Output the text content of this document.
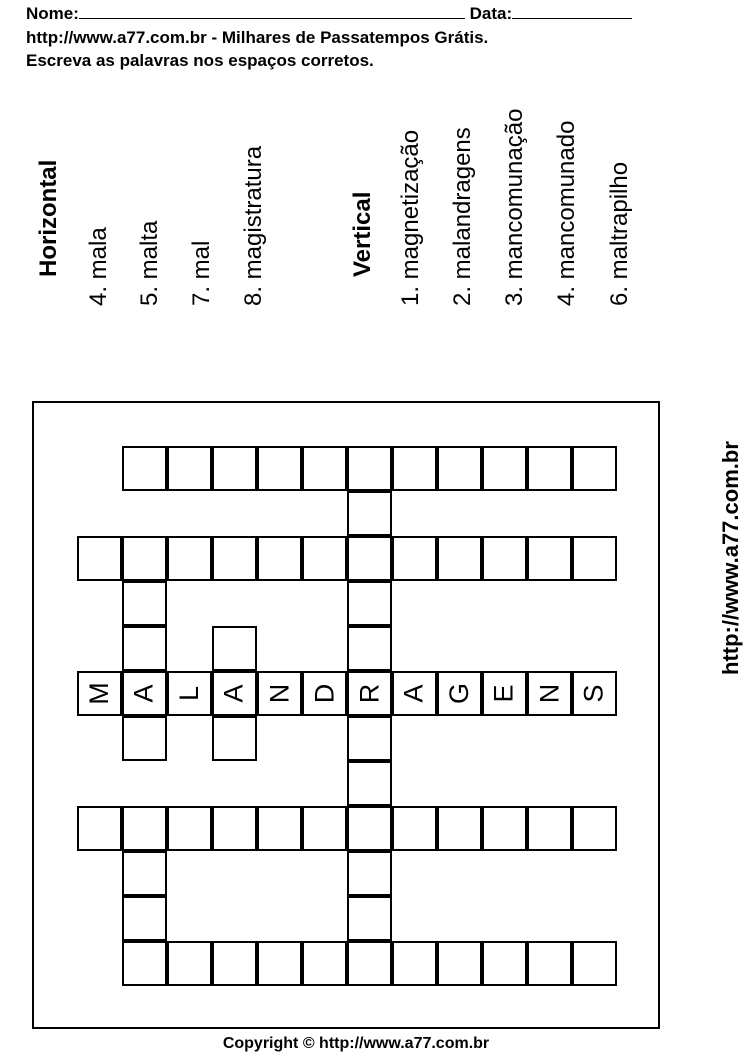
Nome:	Data:
http://www.a77.com.br - Milhares de Passatempos Grátis.
Escreva as palavras nos espaços corretos.
Horizontal 4. mala 5. malta 7. mal 8. magistratura	Vertical 1. magnetização 2. malandragens 3. mancomunação 4. mancomunado 6. maltrapilho
M A L A N D R A G E N S
http://www.a77.com.br
Copyright © http://www.a77.com.br
